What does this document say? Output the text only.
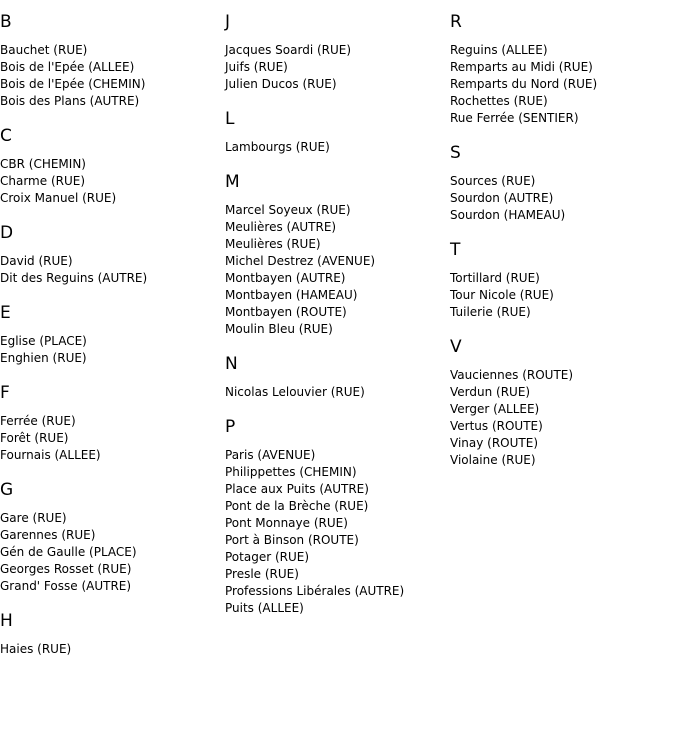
B
Bauchet (RUE)
Bois de l'Epée (ALLEE)
Bois de l'Epée (CHEMIN)
Bois des Plans (AUTRE)
C
CBR (CHEMIN)
Charme (RUE)
Croix Manuel (RUE)
D
David (RUE)
Dit des Reguins (AUTRE)
E
Eglise (PLACE)
Enghien (RUE)
F
Ferrée (RUE)
Forêt (RUE)
Fournais (ALLEE)
G
Gare (RUE)
Garennes (RUE)
Gén de Gaulle (PLACE)
Georges Rosset (RUE)
Grand' Fosse (AUTRE)
H
Haies (RUE)
J
Jacques Soardi (RUE)
Juifs (RUE)
Julien Ducos (RUE)
L
Lambourgs (RUE)
M
Marcel Soyeux (RUE)
Meulières (AUTRE)
Meulières (RUE)
Michel Destrez (AVENUE)
Montbayen (AUTRE)
Montbayen (HAMEAU)
Montbayen (ROUTE)
Moulin Bleu (RUE)
N
Nicolas Lelouvier (RUE)
P
Paris (AVENUE)
Philippettes (CHEMIN)
Place aux Puits (AUTRE)
Pont de la Brèche (RUE)
Pont Monnaye (RUE)
Port à Binson (ROUTE)
Potager (RUE)
Presle (RUE)
Professions Libérales (AUTRE)
Puits (ALLEE)
R
Reguins (ALLEE)
Remparts au Midi (RUE)
Remparts du Nord (RUE)
Rochettes (RUE)
Rue Ferrée (SENTIER)
S
Sources (RUE)
Sourdon (AUTRE)
Sourdon (HAMEAU)
T
Tortillard (RUE)
Tour Nicole (RUE)
Tuilerie (RUE)
V
Vauciennes (ROUTE)
Verdun (RUE)
Verger (ALLEE)
Vertus (ROUTE)
Vinay (ROUTE)
Violaine (RUE)
